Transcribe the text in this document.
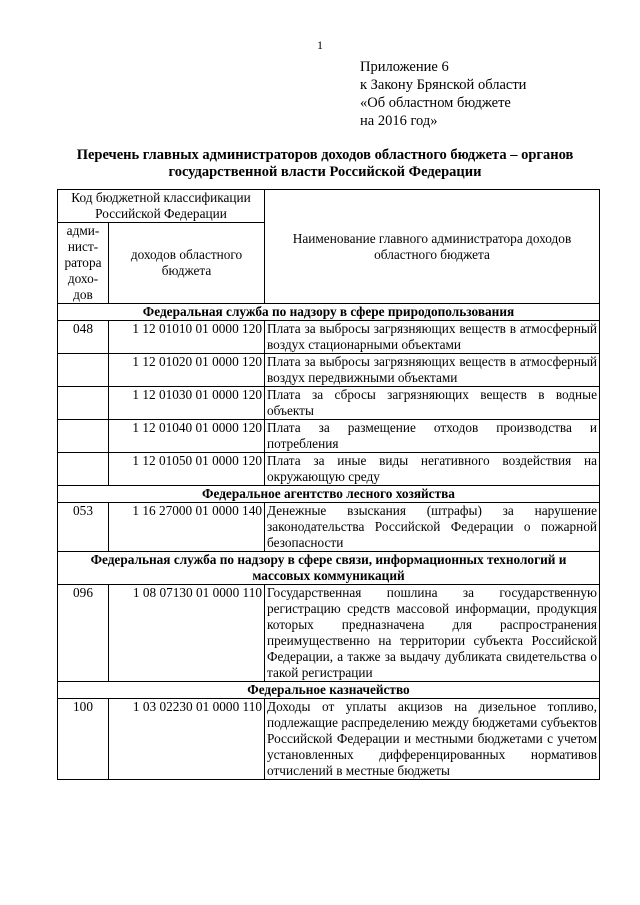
1
Приложение 6
к Закону Брянской области
«Об областном бюджете
на 2016 год»
Перечень главных администраторов доходов областного бюджета – органов государственной власти Российской Федерации
Код бюджетной классификации Российской Федерации		Наименование главного администратора доходов областного бюджета
адми-нист-ратора дохо-дов	доходов областного бюджета	
Федеральная служба по надзору в сфере природопользования		
048	1 12 01010 01 0000 120	Плата за выбросы загрязняющих веществ в атмосферный воздух стационарными объектами
	1 12 01020 01 0000 120	Плата за выбросы загрязняющих веществ в атмосферный воздух передвижными объектами
	1 12 01030 01 0000 120	Плата за сбросы загрязняющих веществ в водные объекты
	1 12 01040 01 0000 120	Плата за размещение отходов производства и потребления
	1 12 01050 01 0000 120	Плата за иные виды негативного воздействия на окружающую среду
Федеральное агентство лесного хозяйства		
053	1 16 27000 01 0000 140	Денежные взыскания (штрафы) за нарушение законодательства Российской Федерации о пожарной безопасности
Федеральная служба по надзору в сфере связи, информационных технологий и массовых коммуникаций		
096	1 08 07130 01 0000 110	Государственная пошлина за государственную регистрацию средств массовой информации, продукция которых предназначена для распространения преимущественно на территории субъекта Российской Федерации, а также за выдачу дубликата свидетельства о такой регистрации
Федеральное казначейство		
100	1 03 02230 01 0000 110	Доходы от уплаты акцизов на дизельное топливо, подлежащие распределению между бюджетами субъектов Российской Федерации и местными бюджетами с учетом установленных дифференцированных нормативов отчислений в местные бюджеты
